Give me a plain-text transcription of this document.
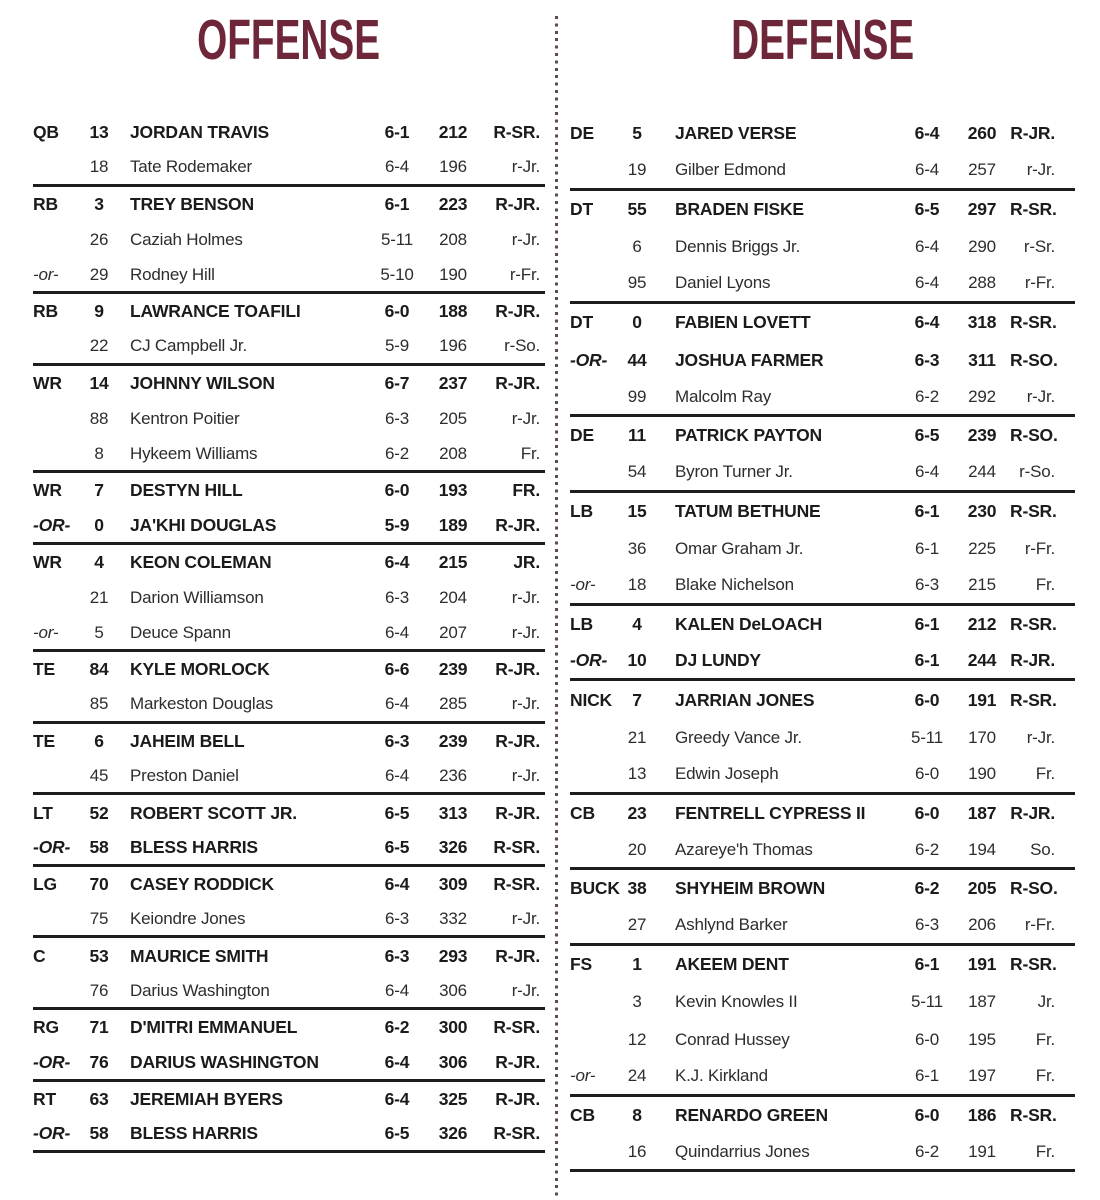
OFFENSE
QB	13	JORDAN TRAVIS	6-1	212	R-SR.
18	Tate Rodemaker	6-4	196	r-Jr.
RB	3	TREY BENSON	6-1	223	R-JR.
26	Caziah Holmes	5-11	208	r-Jr.
-or-	29	Rodney Hill	5-10	190	r-Fr.
RB	9	LAWRANCE TOAFILI	6-0	188	R-JR.
22	CJ Campbell Jr.	5-9	196	r-So.
WR	14	JOHNNY WILSON	6-7	237	R-JR.
88	Kentron Poitier	6-3	205	r-Jr.
8	Hykeem Williams	6-2	208	Fr.
WR	7	DESTYN HILL	6-0	193	FR.
-OR-	0	JA'KHI DOUGLAS	5-9	189	R-JR.
WR	4	KEON COLEMAN	6-4	215	JR.
21	Darion Williamson	6-3	204	r-Jr.
-or-	5	Deuce Spann	6-4	207	r-Jr.
TE	84	KYLE MORLOCK	6-6	239	R-JR.
85	Markeston Douglas	6-4	285	r-Jr.
TE	6	JAHEIM BELL	6-3	239	R-JR.
45	Preston Daniel	6-4	236	r-Jr.
LT	52	ROBERT SCOTT JR.	6-5	313	R-JR.
-OR-	58	BLESS HARRIS	6-5	326	R-SR.
LG	70	CASEY RODDICK	6-4	309	R-SR.
75	Keiondre Jones	6-3	332	r-Jr.
C	53	MAURICE SMITH	6-3	293	R-JR.
76	Darius Washington	6-4	306	r-Jr.
RG	71	D'MITRI EMMANUEL	6-2	300	R-SR.
-OR-	76	DARIUS WASHINGTON	6-4	306	R-JR.
RT	63	JEREMIAH BYERS	6-4	325	R-JR.
-OR-	58	BLESS HARRIS	6-5	326	R-SR.
DEFENSE
DE	5	JARED VERSE	6-4	260 R-JR.
19	Gilber Edmond	6-4	257	r-Jr.
DT	55	BRADEN FISKE	6-5	297 R-SR.
6	Dennis Briggs Jr.	6-4	290	r-Sr.
95	Daniel Lyons	6-4	288	r-Fr.
DT	0	FABIEN LOVETT	6-4	318 R-SR.
-OR-	44	JOSHUA FARMER	6-3	311 R-SO.
99	Malcolm Ray	6-2	292	r-Jr.
DE	11	PATRICK PAYTON	6-5	239 R-SO.
54	Byron Turner Jr.	6-4	244	r-So.
LB	15	TATUM BETHUNE	6-1	230 R-SR.
36	Omar Graham Jr.	6-1	225	r-Fr.
-or-	18	Blake Nichelson	6-3	215	Fr.
LB	4	KALEN DeLOACH	6-1	212 R-SR.
-OR-	10	DJ LUNDY	6-1	244 R-JR.
NICK	7	JARRIAN JONES	6-0	191 R-SR.
21	Greedy Vance Jr.	5-11	170	r-Jr.
13	Edwin Joseph	6-0	190	Fr.
CB	23	FENTRELL CYPRESS II	6-0	187 R-JR.
20	Azareye'h Thomas	6-2	194	So.
BUCK 38	SHYHEIM BROWN	6-2	205 R-SO.
27	Ashlynd Barker	6-3	206	r-Fr.
FS	1	AKEEM DENT	6-1	191 R-SR.
3	Kevin Knowles II	5-11	187	Jr.
12	Conrad Hussey	6-0	195	Fr.
-or-	24	K.J. Kirkland	6-1	197	Fr.
CB	8	RENARDO GREEN	6-0	186 R-SR.
16	Quindarrius Jones	6-2	191	Fr.
